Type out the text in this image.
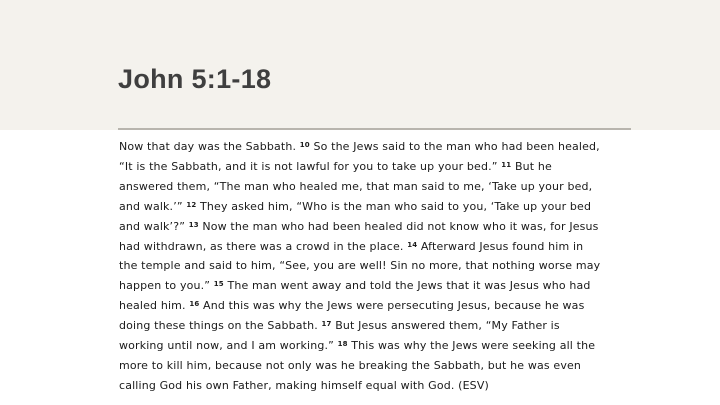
John 5:1-18

Now that day was the Sabbath. $^{10}$ So the Jews said to the man who had been healed,
“It is the Sabbath, and it is not lawful for you to take up your bed.” $^{11}$ But he
answered them, “The man who healed me, that man said to me, ‘Take up your bed,
and walk.’” $^{12}$ They asked him, “Who is the man who said to you, ‘Take up your bed
and walk’?” $^{13}$ Now the man who had been healed did not know who it was, for Jesus
had withdrawn, as there was a crowd in the place. $^{14}$ Afterward Jesus found him in
the temple and said to him, “See, you are well! Sin no more, that nothing worse may
happen to you.” $^{15}$ The man went away and told the Jews that it was Jesus who had
healed him. $^{16}$ And this was why the Jews were persecuting Jesus, because he was
doing these things on the Sabbath. $^{17}$ But Jesus answered them, “My Father is
working until now, and I am working.” $^{18}$ This was why the Jews were seeking all the
more to kill him, because not only was he breaking the Sabbath, but he was even
calling God his own Father, making himself equal with God. (ESV)
